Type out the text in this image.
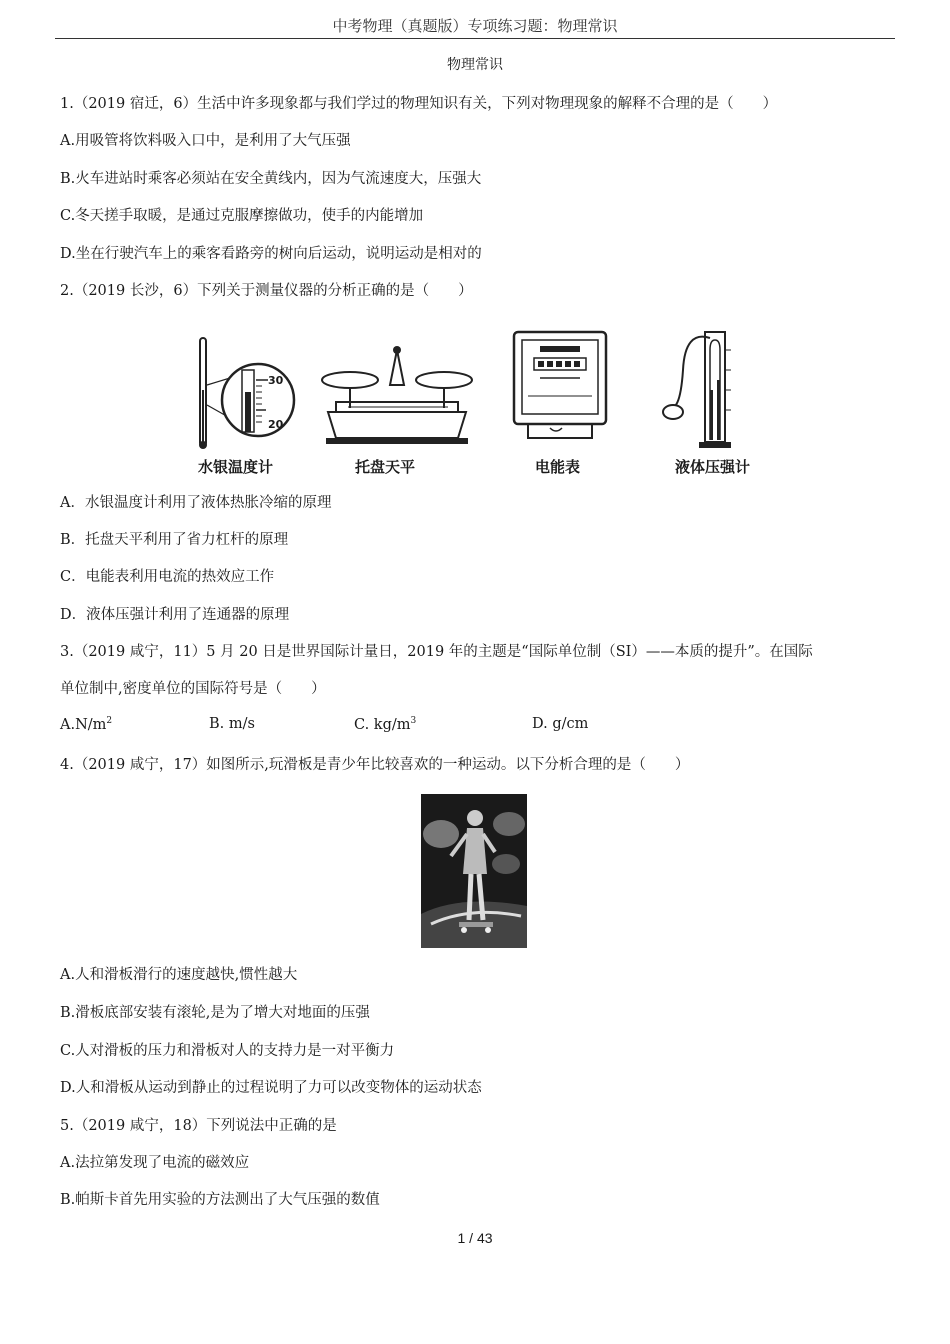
中考物理（真题版）专项练习题：物理常识
物理常识
1.（2019 宿迁，6）生活中许多现象都与我们学过的物理知识有关，下列对物理现象的解释不合理的是（　　）
A.用吸管将饮料吸入口中，是利用了大气压强
B.火车进站时乘客必须站在安全黄线内，因为气流速度大，压强大
C.冬天搓手取暖，是通过克服摩擦做功，使手的内能增加
D.坐在行驶汽车上的乘客看路旁的树向后运动，说明运动是相对的
2.（2019 长沙，6）下列关于测量仪器的分析正确的是（　　）
30
20
水银温度计	托盘天平	电能表	液体压强计
A．水银温度计利用了液体热胀冷缩的原理
B．托盘天平利用了省力杠杆的原理
C．电能表利用电流的热效应工作
D．液体压强计利用了连通器的原理
3.（2019 咸宁，11）5 月 20 日是世界国际计量日，2019 年的主题是“国际单位制（SI）——本质的提升”。在国际
单位制中,密度单位的国际符号是（　　）
$A.N/m^2$	B. m/s	C. $kg/m^3$	D. g/cm
4.（2019 咸宁，17）如图所示,玩滑板是青少年比较喜欢的一种运动。以下分析合理的是（　　）
A.人和滑板滑行的速度越快,惯性越大
B.滑板底部安装有滚轮,是为了增大对地面的压强
C.人对滑板的压力和滑板对人的支持力是一对平衡力
D.人和滑板从运动到静止的过程说明了力可以改变物体的运动状态
5.（2019 咸宁，18）下列说法中正确的是
A.法拉第发现了电流的磁效应
B.帕斯卡首先用实验的方法测出了大气压强的数值
1 / 43
